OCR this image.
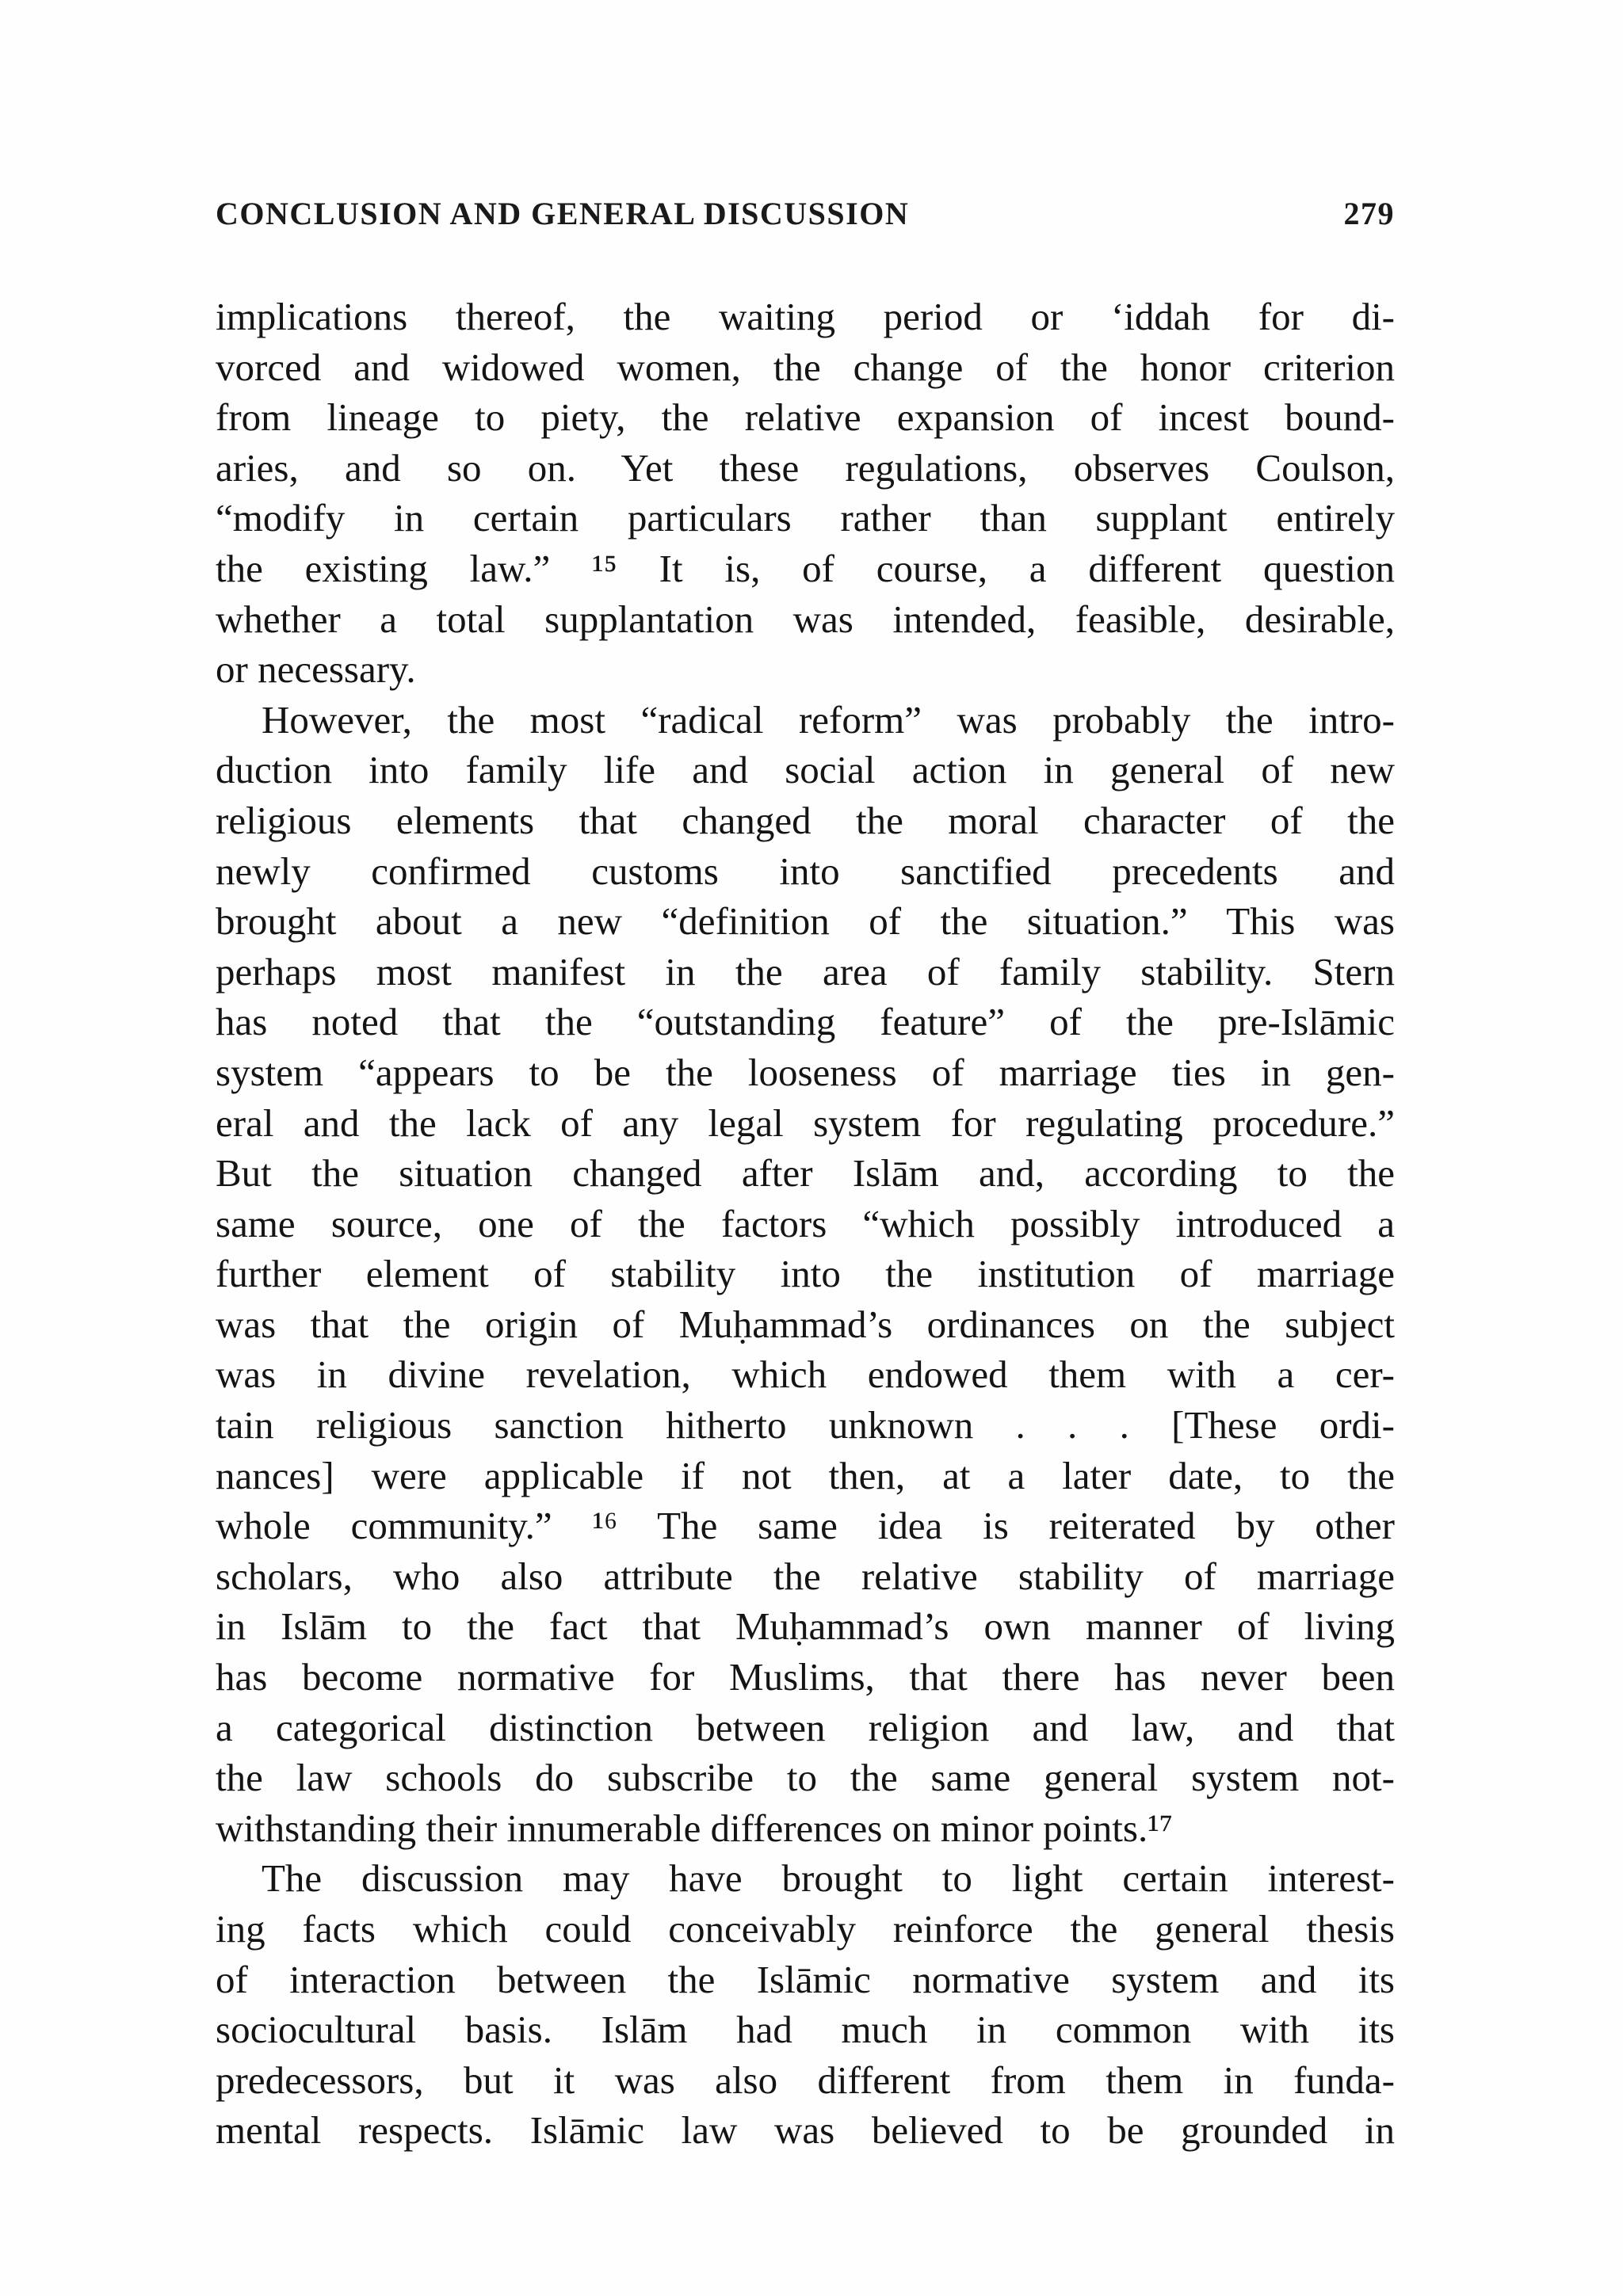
CONCLUSION AND GENERAL DISCUSSION	279
implications thereof, the waiting period or ‘iddah for di-
vorced and widowed women, the change of the honor criterion
from lineage to piety, the relative expansion of incest bound-
aries, and so on. Yet these regulations, observes Coulson,
“modify in certain particulars rather than supplant entirely
the existing law.” ¹⁵ It is, of course, a different question
whether a total supplantation was intended, feasible, desirable,
or necessary.
However, the most “radical reform” was probably the intro-
duction into family life and social action in general of new
religious elements that changed the moral character of the
newly confirmed customs into sanctified precedents and
brought about a new “definition of the situation.” This was
perhaps most manifest in the area of family stability. Stern
has noted that the “outstanding feature” of the pre-Islāmic
system “appears to be the looseness of marriage ties in gen-
eral and the lack of any legal system for regulating procedure.”
But the situation changed after Islām and, according to the
same source, one of the factors “which possibly introduced a
further element of stability into the institution of marriage
was that the origin of Muḥammad’s ordinances on the subject
was in divine revelation, which endowed them with a cer-
tain religious sanction hitherto unknown . . . [These ordi-
nances] were applicable if not then, at a later date, to the
whole community.” ¹⁶ The same idea is reiterated by other
scholars, who also attribute the relative stability of marriage
in Islām to the fact that Muḥammad’s own manner of living
has become normative for Muslims, that there has never been
a categorical distinction between religion and law, and that
the law schools do subscribe to the same general system not-
withstanding their innumerable differences on minor points.¹⁷
The discussion may have brought to light certain interest-
ing facts which could conceivably reinforce the general thesis
of interaction between the Islāmic normative system and its
sociocultural basis. Islām had much in common with its
predecessors, but it was also different from them in funda-
mental respects. Islāmic law was believed to be grounded in
